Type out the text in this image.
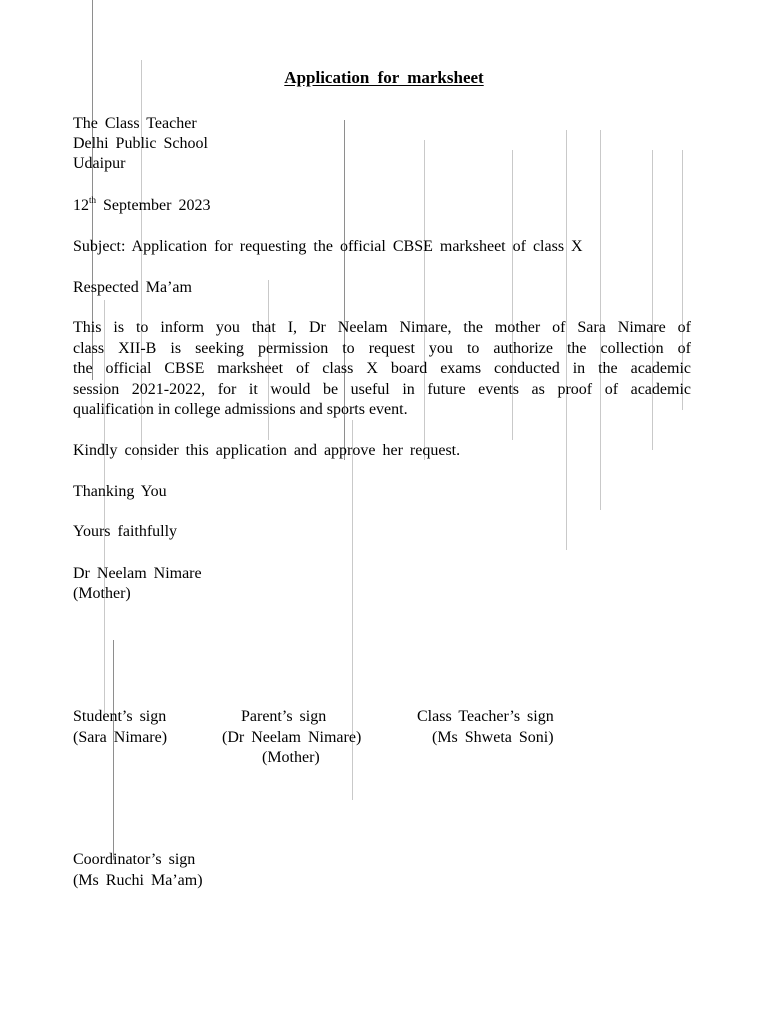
Application for marksheet
The Class Teacher
Delhi Public School
Udaipur
12th September 2023
Subject: Application for requesting the official CBSE marksheet of class X
Respected Ma’am
This is to inform you that I, Dr Neelam Nimare, the mother of Sara Nimare of
class XII-B is seeking permission to request you to authorize the collection of
the official CBSE marksheet of class X board exams conducted in the academic
session 2021-2022, for it would be useful in future events as proof of academic
qualification in college admissions and sports event.
Kindly consider this application and approve her request.
Thanking You
Yours faithfully
Dr Neelam Nimare
(Mother)
Student’s sign
(Sara Nimare)
Parent’s sign
(Dr Neelam Nimare)
(Mother)
Class Teacher’s sign
(Ms Shweta Soni)
Coordinator’s sign
(Ms Ruchi Ma’am)
